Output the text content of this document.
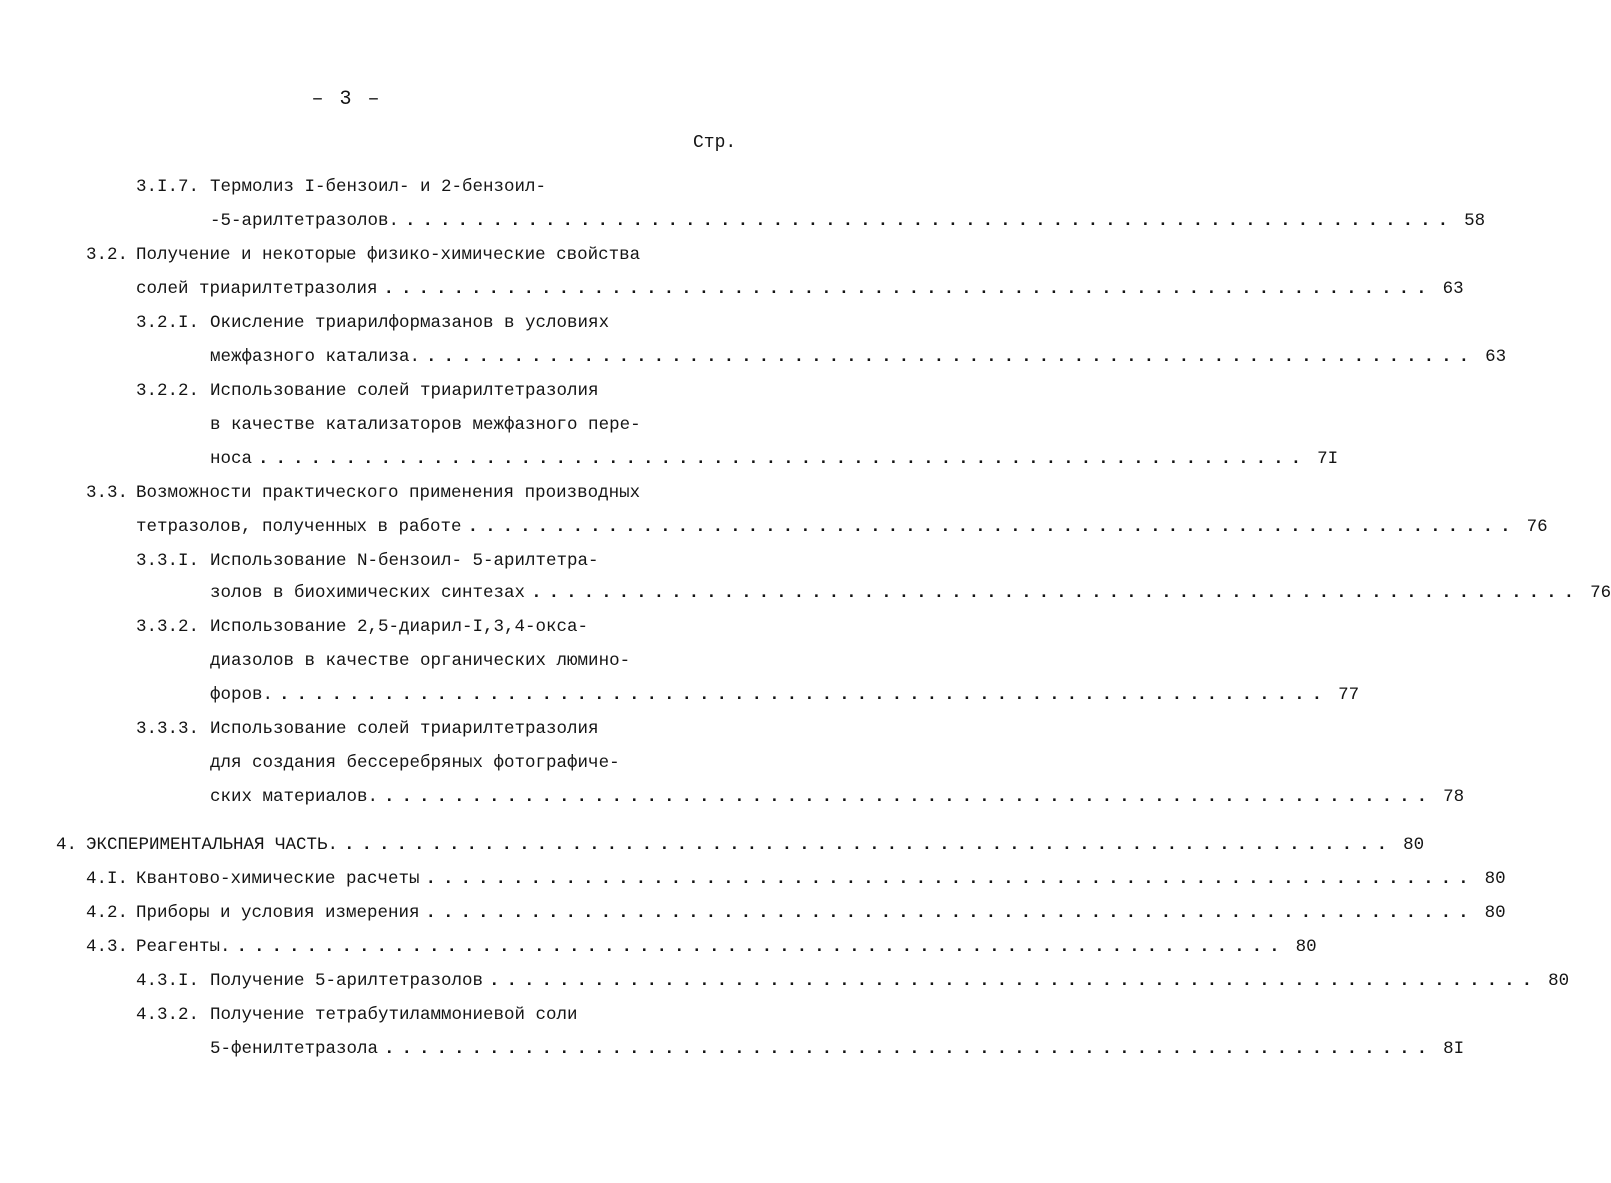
– 3 –
Стр.
3.I.7. Термолиз I-бензоил- и 2-бензоил-
-5-арилтетразолов. ............................................................ 58
3.2. Получение и некоторые физико-химические свойства
солей триарилтетразолия ............................................................ 63
3.2.I. Окисление триарилформазанов в условиях
межфазного катализа. ............................................................ 63
3.2.2. Использование солей триарилтетразолия
в качестве катализаторов межфазного пере-
носа ............................................................ 7I
3.3. Возможности практического применения производных
тетразолов, полученных в работе ............................................................ 76
3.3.I. Использование N-бензоил- 5-арилтетра-
золов в биохимических синтезах ............................................................ 76
3.3.2. Использование 2,5-диарил-I,3,4-окса-
диазолов в качестве органических люмино-
форов. ............................................................ 77
3.3.3. Использование солей триарилтетразолия
для создания бессеребряных фотографиче-
ских материалов. ............................................................ 78
4. ЭКСПЕРИМЕНТАЛЬНАЯ ЧАСТЬ. ............................................................ 80
4.I. Квантово-химические расчеты ............................................................ 80
4.2. Приборы и условия измерения ............................................................ 80
4.3. Реагенты. ............................................................ 80
4.3.I. Получение 5-арилтетразолов ............................................................ 80
4.3.2. Получение тетрабутиламмониевой соли
5-фенилтетразола ............................................................ 8I
